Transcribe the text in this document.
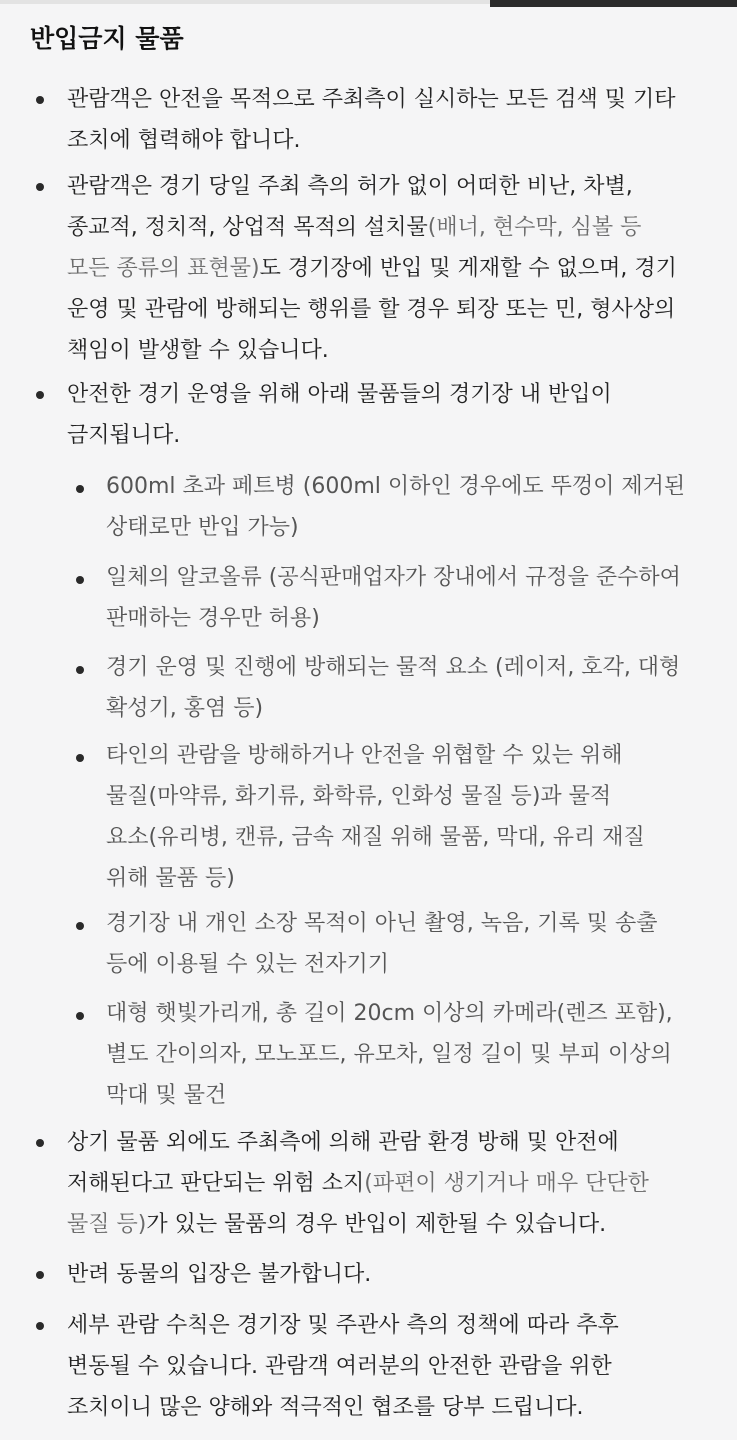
반입금지 물품
관람객은 안전을 목적으로 주최측이 실시하는 모든 검색 및 기타
조치에 협력해야 합니다.
관람객은 경기 당일 주최 측의 허가 없이 어떠한 비난, 차별,
종교적, 정치적, 상업적 목적의 설치물(배너, 현수막, 심볼 등
모든 종류의 표현물)도 경기장에 반입 및 게재할 수 없으며, 경기
운영 및 관람에 방해되는 행위를 할 경우 퇴장 또는 민, 형사상의
책임이 발생할 수 있습니다.
안전한 경기 운영을 위해 아래 물품들의 경기장 내 반입이
금지됩니다.
600ml 초과 페트병 (600ml 이하인 경우에도 뚜껑이 제거된
상태로만 반입 가능)
일체의 알코올류 (공식판매업자가 장내에서 규정을 준수하여
판매하는 경우만 허용)
경기 운영 및 진행에 방해되는 물적 요소 (레이저, 호각, 대형
확성기, 홍염 등)
타인의 관람을 방해하거나 안전을 위협할 수 있는 위해
물질(마약류, 화기류, 화학류, 인화성 물질 등)과 물적
요소(유리병, 캔류, 금속 재질 위해 물품, 막대, 유리 재질
위해 물품 등)
경기장 내 개인 소장 목적이 아닌 촬영, 녹음, 기록 및 송출
등에 이용될 수 있는 전자기기
대형 햇빛가리개, 총 길이 20cm 이상의 카메라(렌즈 포함),
별도 간이의자, 모노포드, 유모차, 일정 길이 및 부피 이상의
막대 및 물건
상기 물품 외에도 주최측에 의해 관람 환경 방해 및 안전에
저해된다고 판단되는 위험 소지(파편이 생기거나 매우 단단한
물질 등)가 있는 물품의 경우 반입이 제한될 수 있습니다.
반려 동물의 입장은 불가합니다.
세부 관람 수칙은 경기장 및 주관사 측의 정책에 따라 추후
변동될 수 있습니다. 관람객 여러분의 안전한 관람을 위한
조치이니 많은 양해와 적극적인 협조를 당부 드립니다.
